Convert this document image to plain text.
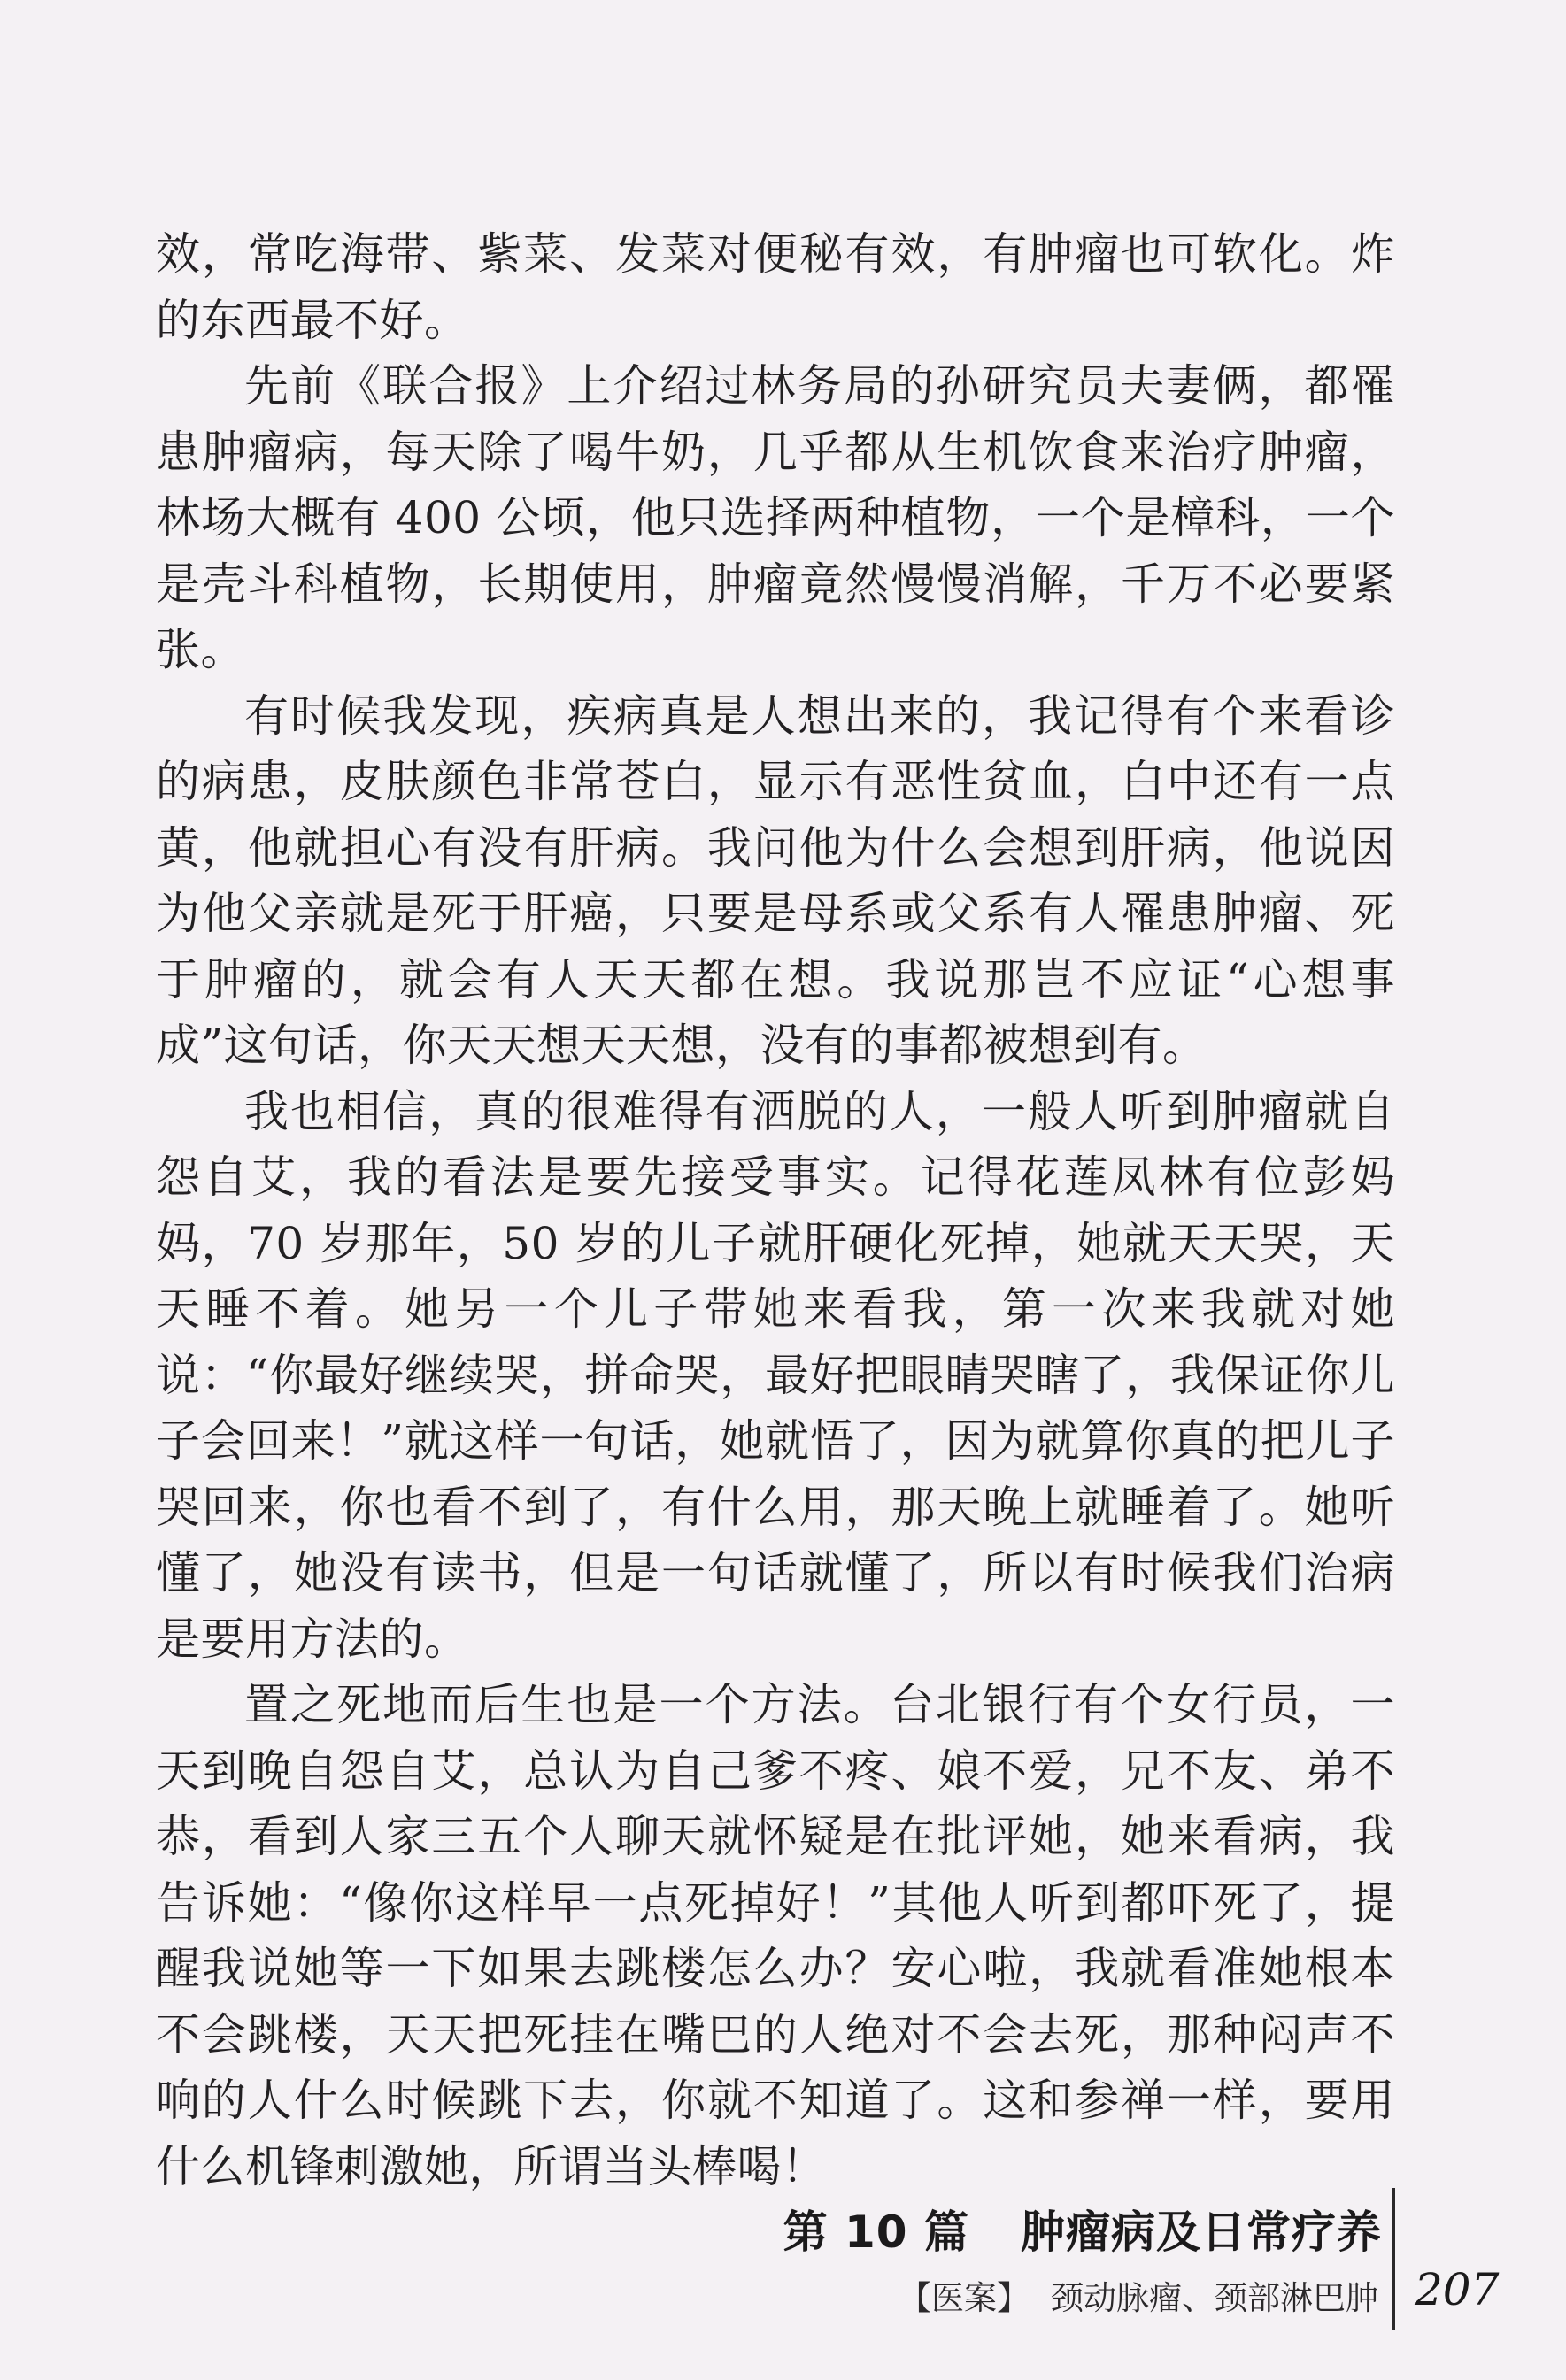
效，常吃海带、紫菜、发菜对便秘有效，有肿瘤也可软化。炸的东西最不好。

先前《联合报》上介绍过林务局的孙研究员夫妻俩，都罹患肿瘤病，每天除了喝牛奶，几乎都从生机饮食来治疗肿瘤，林场大概有 400 公顷，他只选择两种植物，一个是樟科，一个是壳斗科植物，长期使用，肿瘤竟然慢慢消解，千万不必要紧张。

有时候我发现，疾病真是人想出来的，我记得有个来看诊的病患，皮肤颜色非常苍白，显示有恶性贫血，白中还有一点黄，他就担心有没有肝病。我问他为什么会想到肝病，他说因为他父亲就是死于肝癌，只要是母系或父系有人罹患肿瘤、死于肿瘤的，就会有人天天都在想。我说那岂不应证“心想事成”这句话，你天天想天天想，没有的事都被想到有。

我也相信，真的很难得有洒脱的人，一般人听到肿瘤就自怨自艾，我的看法是要先接受事实。记得花莲凤林有位彭妈妈，70 岁那年，50 岁的儿子就肝硬化死掉，她就天天哭，天天睡不着。她另一个儿子带她来看我，第一次来我就对她说：“你最好继续哭，拼命哭，最好把眼睛哭瞎了，我保证你儿子会回来！”就这样一句话，她就悟了，因为就算你真的把儿子哭回来，你也看不到了，有什么用，那天晚上就睡着了。她听懂了，她没有读书，但是一句话就懂了，所以有时候我们治病是要用方法的。

置之死地而后生也是一个方法。台北银行有个女行员，一天到晚自怨自艾，总认为自己爹不疼、娘不爱，兄不友、弟不恭，看到人家三五个人聊天就怀疑是在批评她，她来看病，我告诉她：“像你这样早一点死掉好！”其他人听到都吓死了，提醒我说她等一下如果去跳楼怎么办？安心啦，我就看准她根本不会跳楼，天天把死挂在嘴巴的人绝对不会去死，那种闷声不响的人什么时候跳下去，你就不知道了。这和参禅一样，要用什么机锋刺激她，所谓当头棒喝！

第 10 篇 肿瘤病及日常疗养
【医案】 颈动脉瘤、颈部淋巴肿 207
